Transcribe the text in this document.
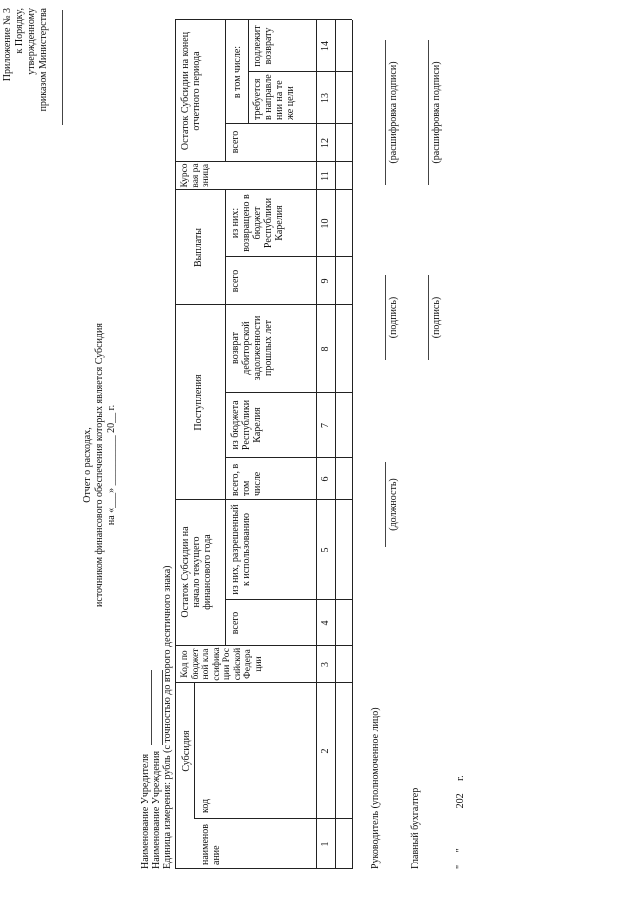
Приложение № 3 к Порядку, утвержденному приказом Министерства
Отчет о расходах, источником финансового обеспечения которых является Субсидия на «___» __________ 20__ г.
Наименование Учредителя Наименование Учреждения Единица измерения: рубль (с точностью до второго десятичного знака) Субсидия
Код по бюджетной классификации Российской Федерации
Остаток Субсидии на начало текущего финансового года
Поступления
Выплаты
Курсовая разница
Остаток Субсидии на конец отчетного периода
наименование
код
всего
из них, разрешенный к использованию
всего, в том числе
из бюджета Республики Карелия
возврат дебиторской задолженности прошлых лет
всего
из них: возвращено в бюджет Республики Карелия
всего
в том числе:
требуется в направлении на те же цели
подлежит возврату
1
2
3
4
5
6
7
8
9
10
11
12
13
14
Руководитель (уполномоченное лицо)
(должность)
(подпись)
(расшифровка подписи)
Главный бухгалтер
(подпись)
(расшифровка подписи)
"     "                202     г.
